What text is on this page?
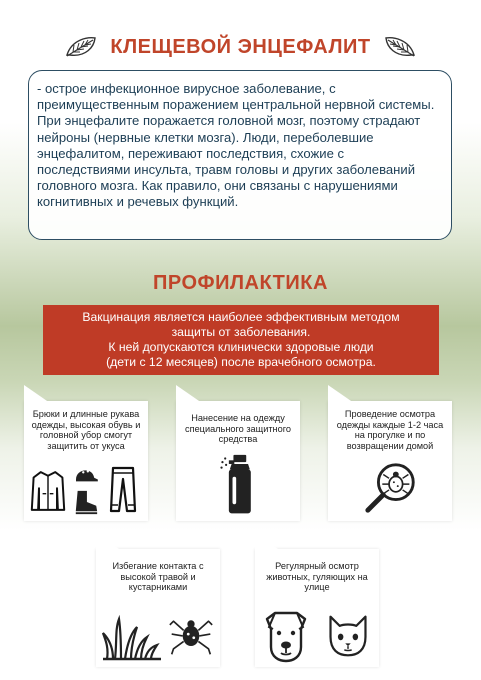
КЛЕЩЕВОЙ ЭНЦЕФАЛИТ
- острое инфекционное вирусное заболевание, с преимущественным поражением центральной нервной системы. При энцефалите поражается головной мозг, поэтому страдают нейроны (нервные клетки мозга). Люди, переболевшие энцефалитом, переживают последствия, схожие с последствиями инсульта, травм головы и других заболеваний головного мозга. Как правило, они связаны с нарушениями когнитивных и речевых функций.
ПРОФИЛАКТИКА
Вакцинация является наиболее эффективным методом
защиты от заболевания.
К ней допускаются клинически здоровые люди
(дети с 12 месяцев) после врачебного осмотра.
Брюки и длинные рукава одежды, высокая обувь и головной убор смогут защитить от укуса
Нанесение на одежду специального защитного средства
Проведение осмотра одежды каждые 1-2 часа на прогулке и по возвращении домой
Избегание контакта с высокой травой и кустарниками
Регулярный осмотр животных, гуляющих на улице
